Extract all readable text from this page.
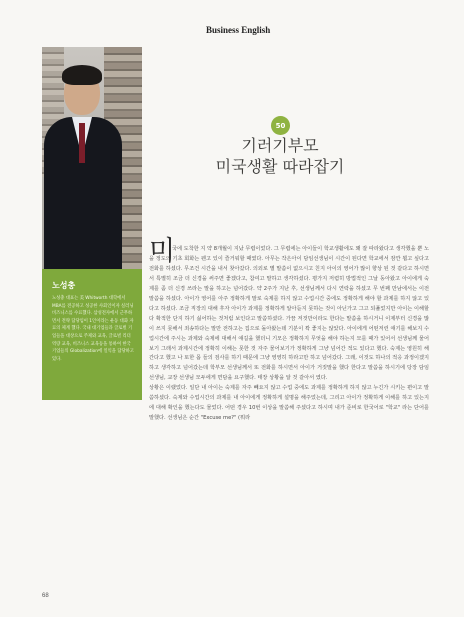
Business English
노성충
노성충 대표는 美 Whitworth 대학에서 MBA를 전공하고 성공한 사회인이자 실러닝 비즈니스를 수료했다. 삼성전자에서 근무하면서 전략 담당임이 1인이라는 운동 대화 자료의 체계 했다. 국내 대기업들과 글로벌 기업들을 대상으로 주제와 교육, 글로벌 리더역량 교육, 비즈니스 교육등을 통하여 한국기업들의 Globalization에 일익을 담당하고 있다.
50
기러기부모
미국생활 따라잡기
미

국에 도착한 지 약 8개월이 지났 무렵이었다. 그 무렵에는 아이들이 학교생활에도 꽤 잘 따라왔다고 생각했을 뿐 노을 정도의 기초 회화는 웬고 있이 즐거워할 때였다. 아무는 작은아이 담임선생님이 시간이 된다면 학교에서 잠깐 뵙고 싶다고 전화를 하셨다. 무조건 시간을 내서 찾아갔다. 의외로 별 말씀이 없으시고 친지 아이의 영어가 많이 향상 된 것 같다고 하시면서 특별히 조금 더 신경을 써주면 좋겠다고, 참여고 말하고 생각하셨다. 평가지 저렴히 방법적인 그날 동아왔고 아이에게 숙제를 좀 더 신경 쓰라는 말을 하고는 넘어갔다. 약 2주가 지난 후, 선생님께서 다시 연락을 하셨고 무 번째 만남에서는 이전 말씀을 하셨다. 아이가 영어를 아주 정확하게 말로 숙제를 하지 않고 수업시간 중에도 정확하게 해야 할 과제를 하지 않고 있다고 하셨다. 조금 직장의 대해 후자 아이가 과제를 정확하게 알아듣지 못하는 것이 아닌가고 그고 되풀었지만 아이는 이해할 다 확적한 단지 하기 싫어하는 것처럼 보인다고 말씀하셨다. 가끔 저것만이라도 한다는 말씀을 하시거니 이제부터 신경을 많이 쓰지 못해서 죄송하다는 말만 전하고는 집으로 돌아왔는데 기분이 꽉 좋지는 않았다. 아이에게 어떤저런 얘기를 해보지 수업시간에 주시는 과제와 숙제에 대해서 얘길을 했더니 기모은 정확하지 무엇을 해야 하는지 모를 때가 있어서 선생님께 물어보기 그래서 과제시간에 정확히 이해는 못한 것 자주 물어보기가 정확하게 그냥 넘어간 적도 있다고 했다. 숙제는 영원히 해 간다고 했고 나 또한 몹 들의 검사를 하기 때문에 그냥 영영히 하라고만 하고 넘어갔다. 그래, 이것도 하나의 적응 과정이겠지 하고 생각하고 넘어갔는데 학부모 선생님께서 또 전화를 하시면서 아이가 거짓말을 했다 한다고 말씀을 하시기에 당장 담임선생님, 교장 선생님 모두에게 면담을 요구했다. 태장 상황을 알 것 같아서 였다.

상황은 이랬었다. 일단 내 아이는 숙제를 자주 빼요지 않고 수업 중에도 과제를 정확하게 하지 않고 누긴가 시키는 편이고 말씀하셨다. 숙제와 수업시간의 과제를 내 아이에게 정확하게 설명을 해주었는데, 그리고 아이가 정확하게 이해를 하고 있는지에 대해 확인을 했는다도 물었다. 어떤 경우 10번 이상을 말씀해 주셨다고 하시며 내가 준비로 한국어로 "학교" 라는 단어를 말했다. 선생님은 순간 "Excuse me?" (뭐라

68
